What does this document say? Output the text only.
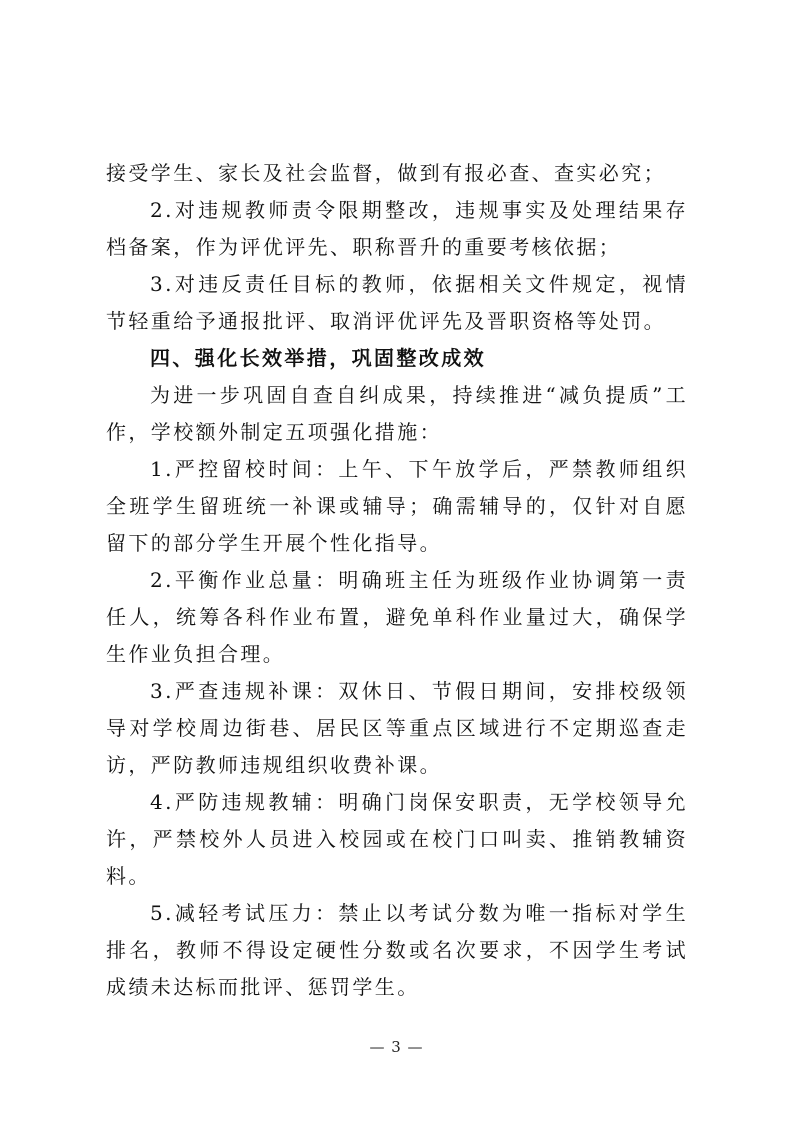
接受学生、家长及社会监督，做到有报必查、查实必究；

2.对违规教师责令限期整改，违规事实及处理结果存档备案，作为评优评先、职称晋升的重要考核依据；

3.对违反责任目标的教师，依据相关文件规定，视情节轻重给予通报批评、取消评优评先及晋职资格等处罚。

四、强化长效举措，巩固整改成效

为进一步巩固自查自纠成果，持续推进“减负提质”工作，学校额外制定五项强化措施：

1.严控留校时间：上午、下午放学后，严禁教师组织全班学生留班统一补课或辅导；确需辅导的，仅针对自愿留下的部分学生开展个性化指导。

2.平衡作业总量：明确班主任为班级作业协调第一责任人，统筹各科作业布置，避免单科作业量过大，确保学生作业负担合理。

3.严查违规补课：双休日、节假日期间，安排校级领导对学校周边街巷、居民区等重点区域进行不定期巡查走访，严防教师违规组织收费补课。

4.严防违规教辅：明确门岗保安职责，无学校领导允许，严禁校外人员进入校园或在校门口叫卖、推销教辅资料。

5.减轻考试压力：禁止以考试分数为唯一指标对学生排名，教师不得设定硬性分数或名次要求，不因学生考试成绩未达标而批评、惩罚学生。

— 3 —
